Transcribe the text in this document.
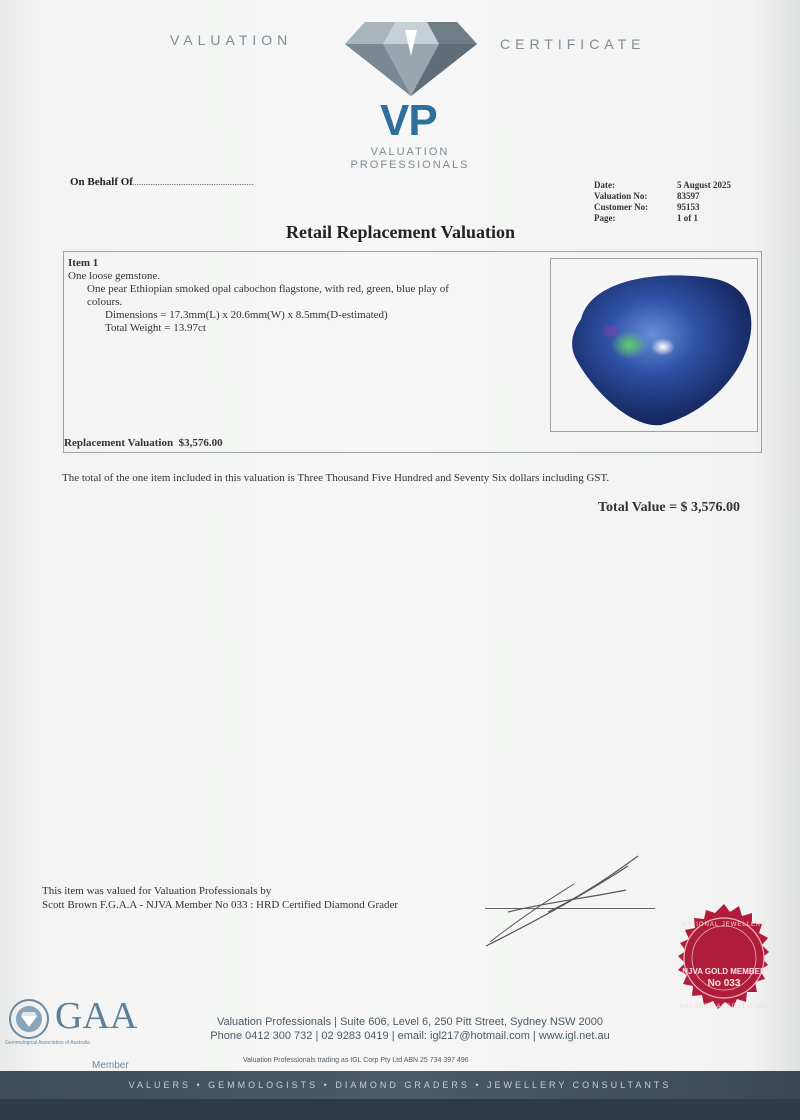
VALUATION	CERTIFICATE
VP
VALUATION
PROFESSIONALS
On Behalf Of.....................................................................	Date:
Valuation No:
Customer No:
Page:
5 August 2025
83597
95153
1 of 1
Retail Replacement Valuation
Item 1
One loose gemstone.
One pear Ethiopian smoked opal cabochon flagstone, with red, green, blue play of
colours.
Dimensions = 17.3mm(L) x 20.6mm(W) x 8.5mm(D-estimated)
Total Weight = 13.97ct
Replacement Valuation $3,576.00
The total of the one item included in this valuation is Three Thousand Five Hundred and Seventy Six dollars including GST.
Total Value = $ 3,576.00
This item was valued for Valuation Professionals by
Scott Brown F.G.A.A - NJVA Member No 033 : HRD Certified Diamond Grader
NATIONAL JEWELLERY
NJVA GOLD MEMBER
No 033
VALUERS ASSOCIATION
GAA
Gemmological Association of Australia
Member
Valuation Professionals | Suite 606, Level 6, 250 Pitt Street, Sydney NSW 2000
Phone 0412 300 732 | 02 9283 0419 | email: igl217@hotmail.com | www.igl.net.au
Valuation Professionals trading as IGL Corp Pty Ltd ABN 25 734 397 496
VALUERS • GEMMOLOGISTS • DIAMOND GRADERS • JEWELLERY CONSULTANTS
